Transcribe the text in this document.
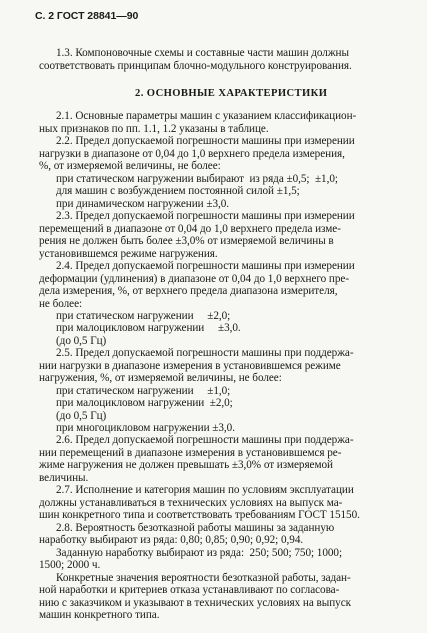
С. 2 ГОСТ 28841—90
1.3. Компоновочные схемы и составные части машин должны
соответствовать принципам блочно-модульного конструирования.
2. ОСНОВНЫЕ ХАРАКТЕРИСТИКИ
2.1. Основные параметры машин с указанием классификацион-
ных признаков по пп. 1.1, 1.2 указаны в таблице.
2.2. Предел допускаемой погрешности машины при измерении
нагрузки в диапазоне от 0,04 до 1,0 верхнего предела измерения,
%, от измеряемой величины, не более:
при статическом нагружении выбирают  из ряда ±0,5;  ±1,0;
для машин с возбуждением постоянной силой ±1,5;
при динамическом нагружении ±3,0.
2.3. Предел допускаемой погрешности машины при измерении
перемещений в диапазоне от 0,04 до 1,0 верхнего предела изме-
рения не должен быть более ±3,0% от измеряемой величины в
установившемся режиме нагружения.
2.4. Предел допускаемой погрешности машины при измерении
деформации (удлинения) в диапазоне от 0,04 до 1,0 верхнего пре-
дела измерения, %, от верхнего предела диапазона измерителя,
не более:
при статическом нагружении     ±2,0;
при малоцикловом нагружении     ±3,0.
(до 0,5 Гц)
2.5. Предел допускаемой погрешности машины при поддержа-
нии нагрузки в диапазоне измерения в установившемся режиме
нагружения, %, от измеряемой величины, не более:
при статическом нагружении     ±1,0;
при малоцикловом нагружении  ±2,0;
(до 0,5 Гц)
при многоцикловом нагружении ±3,0.
2.6. Предел допускаемой погрешности машины при поддержа-
нии перемещений в диапазоне измерения в установившемся ре-
жиме нагружения не должен превышать ±3,0% от измеряемой
величины.
2.7. Исполнение и категория машин по условиям эксплуатации
должны устанавливаться в технических условиях на выпуск ма-
шин конкретного типа и соответствовать требованиям ГОСТ 15150.
2.8. Вероятность безотказной работы машины за заданную
наработку выбирают из ряда: 0,80; 0,85; 0,90; 0,92; 0,94.
Заданную наработку выбирают из ряда:  250; 500; 750; 1000;
1500; 2000 ч.
Конкретные значения вероятности безотказной работы, задан-
ной наработки и критериев отказа устанавливают по согласова-
нию с заказчиком и указывают в технических условиях на выпуск
машин конкретного типа.
